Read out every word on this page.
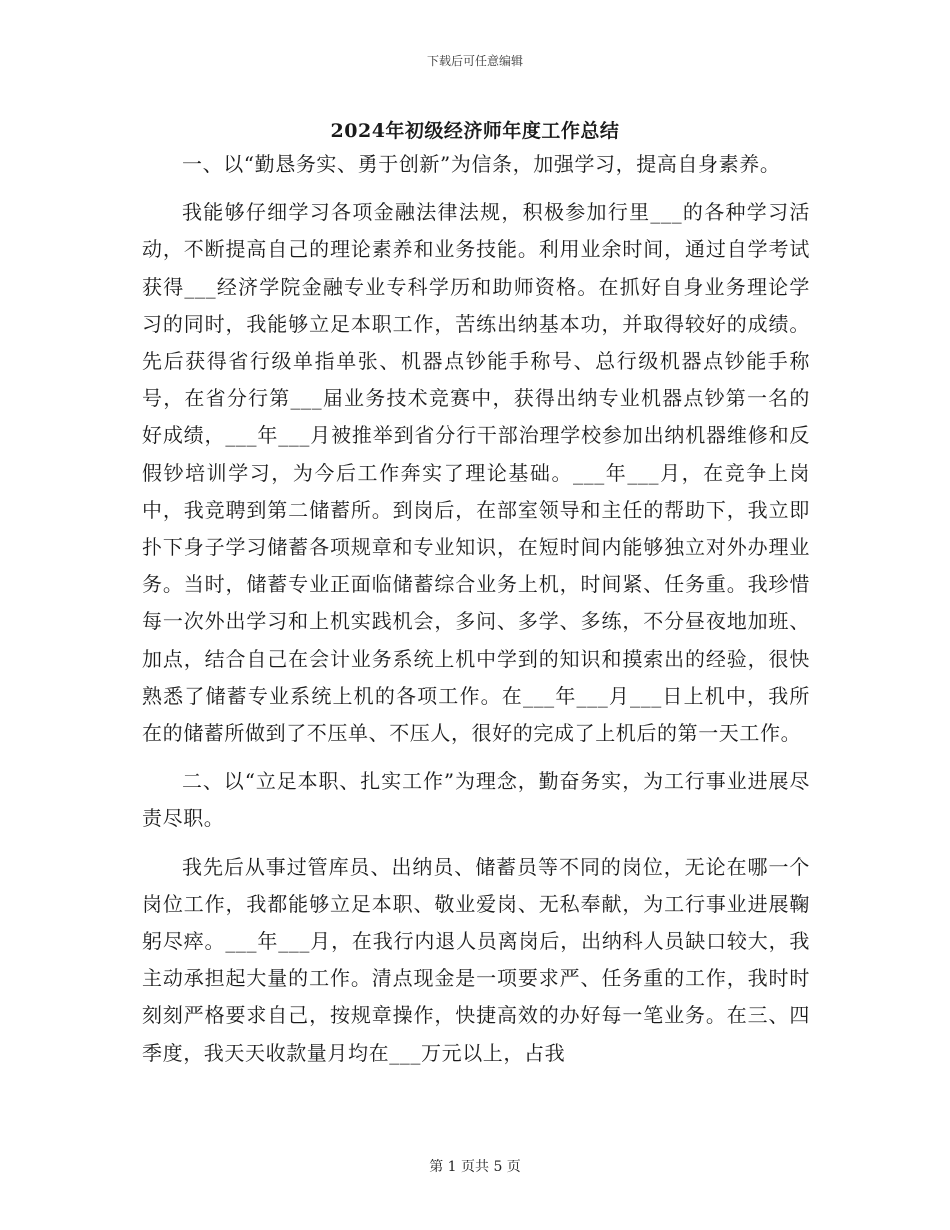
下载后可任意编辑
2024年初级经济师年度工作总结

一、以“勤恳务实、勇于创新”为信条，加强学习，提高自身素养。

我能够仔细学习各项金融法律法规，积极参加行里___的各种学习活动，不断提高自己的理论素养和业务技能。利用业余时间，通过自学考试获得___经济学院金融专业专科学历和助师资格。在抓好自身业务理论学习的同时，我能够立足本职工作，苦练出纳基本功，并取得较好的成绩。先后获得省行级单指单张、机器点钞能手称号、总行级机器点钞能手称号，在省分行第___届业务技术竞赛中，获得出纳专业机器点钞第一名的好成绩，___年___月被推举到省分行干部治理学校参加出纳机器维修和反假钞培训学习，为今后工作奔实了理论基础。___年___月，在竞争上岗中，我竞聘到第二储蓄所。到岗后，在部室领导和主任的帮助下，我立即扑下身子学习储蓄各项规章和专业知识，在短时间内能够独立对外办理业务。当时，储蓄专业正面临储蓄综合业务上机，时间紧、任务重。我珍惜每一次外出学习和上机实践机会，多问、多学、多练，不分昼夜地加班、加点，结合自己在会计业务系统上机中学到的知识和摸索出的经验，很快熟悉了储蓄专业系统上机的各项工作。在___年___月___日上机中，我所在的储蓄所做到了不压单、不压人，很好的完成了上机后的第一天工作。

二、以“立足本职、扎实工作”为理念，勤奋务实，为工行事业进展尽责尽职。

我先后从事过管库员、出纳员、储蓄员等不同的岗位，无论在哪一个岗位工作，我都能够立足本职、敬业爱岗、无私奉献，为工行事业进展鞠躬尽瘁。___年___月，在我行内退人员离岗后，出纳科人员缺口较大，我主动承担起大量的工作。清点现金是一项要求严、任务重的工作，我时时刻刻严格要求自己，按规章操作，快捷高效的办好每一笔业务。在三、四季度，我天天收款量月均在___万元以上，占我

第 1 页共 5 页
